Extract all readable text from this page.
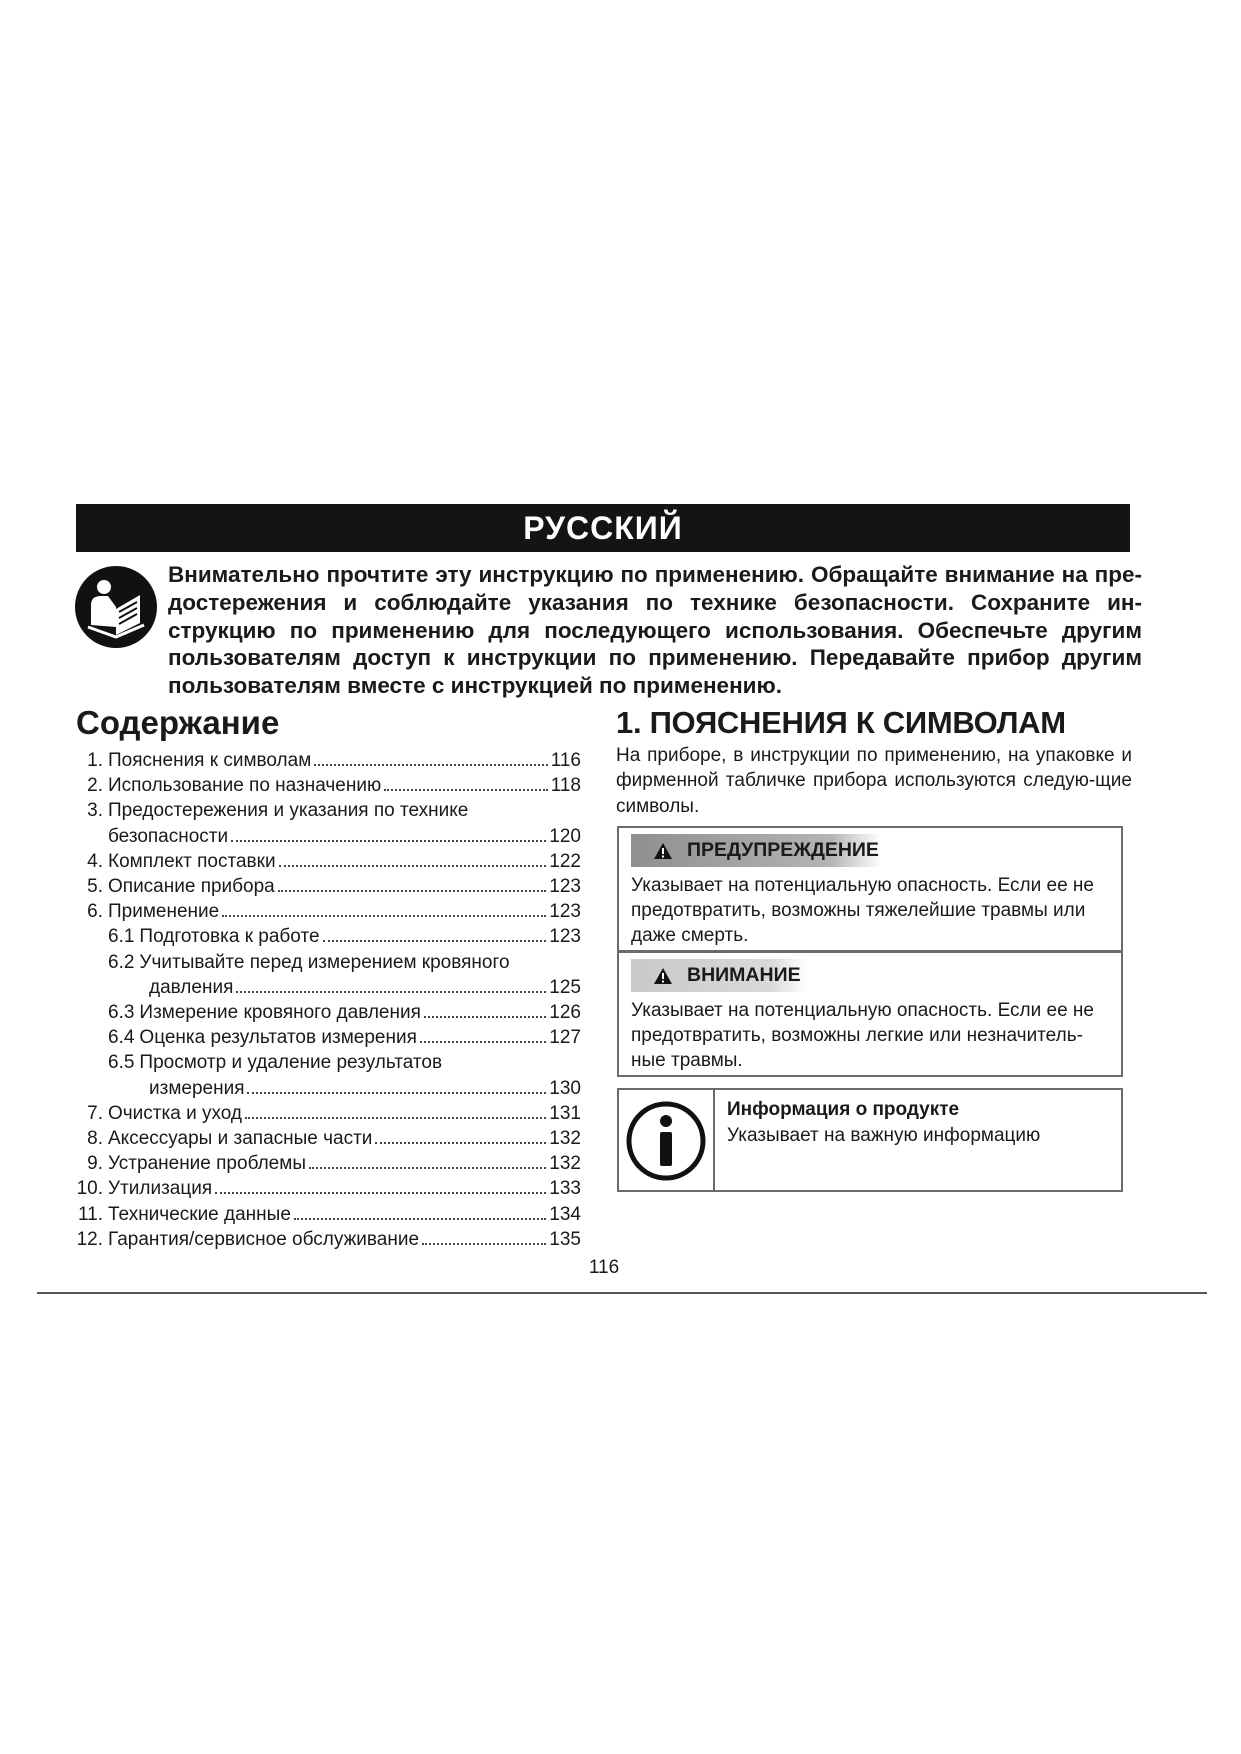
РУССКИЙ

Внимательно прочтите эту инструкцию по применению. Обращайте внимание на пре-достережения и соблюдайте указания по технике безопасности. Сохраните ин-струкцию по применению для последующего использования. Обеспечьте другим пользователям доступ к инструкции по применению. Передавайте прибор другим пользователям вместе с инструкцией по применению.

Содержание
1. Пояснения к символам	116
2. Использование по назначению	118
3. Предостережения и указания по технике
безопасности	120
4. Комплект поставки	122
5. Описание прибора	123
6. Применение	123
6.1 Подготовка к работе	123
6.2 Учитывайте перед измерением кровяного
давления	125
6.3 Измерение кровяного давления	126
6.4 Оценка результатов измерения	127
6.5 Просмотр и удаление результатов
измерения	130
7. Очистка и уход	131
8. Аксессуары и запасные части	132
9. Устранение проблемы	132
10. Утилизация	133
11. Технические данные	134
12. Гарантия/сервисное обслуживание	135
1. ПОЯСНЕНИЯ К СИМВОЛАМ

На приборе, в инструкции по применению, на упаковке и фирменной табличке прибора используются следую-щие символы.

ПРЕДУПРЕЖДЕНИЕ

Указывает на потенциальную опасность. Если ее не предотвратить, возможны тяжелейшие травмы или даже смерть.

ВНИМАНИЕ

Указывает на потенциальную опасность. Если ее не предотвратить, возможны легкие или незначитель-ные травмы.

Информация о продукте

Указывает на важную информацию

116
